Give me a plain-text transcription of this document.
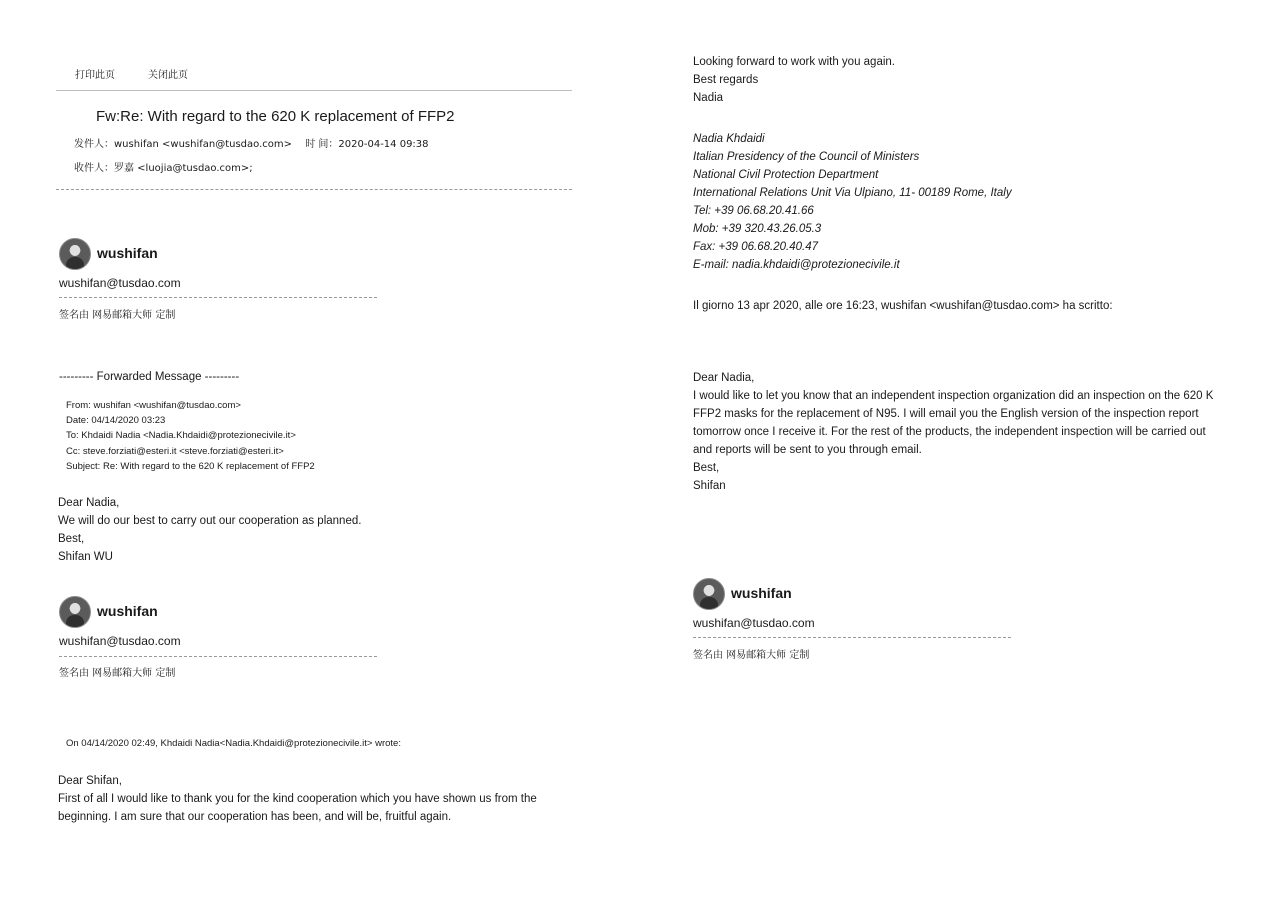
打印此页	关闭此页
Fw:Re: With regard to the 620 K replacement of FFP2
发件人：wushifan <wushifan@tusdao.com> 时 间：2020-04-14 09:38
收件人：罗嘉 <luojia@tusdao.com>;
wushifan
wushifan@tusdao.com
签名由 网易邮箱大师 定制
--------- Forwarded Message ---------
From: wushifan <wushifan@tusdao.com>
Date: 04/14/2020 03:23
To: Khdaidi Nadia <Nadia.Khdaidi@protezionecivile.it>
Cc: steve.forziati@esteri.it <steve.forziati@esteri.it>
Subject: Re: With regard to the 620 K replacement of FFP2
Dear Nadia,
We will do our best to carry out our cooperation as planned.
Best,
Shifan WU
wushifan
wushifan@tusdao.com
签名由 网易邮箱大师 定制
On 04/14/2020 02:49, Khdaidi Nadia<Nadia.Khdaidi@protezionecivile.it> wrote:
Dear Shifan,
First of all I would like to thank you for the kind cooperation which you have shown us from the
beginning. I am sure that our cooperation has been, and will be, fruitful again.
Looking forward to work with you again.
Best regards
Nadia
Nadia Khdaidi
Italian Presidency of the Council of Ministers
National Civil Protection Department
International Relations Unit Via Ulpiano, 11- 00189 Rome, Italy
Tel: +39 06.68.20.41.66
Mob: +39 320.43.26.05.3
Fax: +39 06.68.20.40.47
E-mail: nadia.khdaidi@protezionecivile.it
Il giorno 13 apr 2020, alle ore 16:23, wushifan <wushifan@tusdao.com> ha scritto:
Dear Nadia,
I would like to let you know that an independent inspection organization did an inspection on the 620 K
FFP2 masks for the replacement of N95. I will email you the English version of the inspection report
tomorrow once I receive it. For the rest of the products, the independent inspection will be carried out
and reports will be sent to you through email.
Best,
Shifan
wushifan
wushifan@tusdao.com
签名由 网易邮箱大师 定制
